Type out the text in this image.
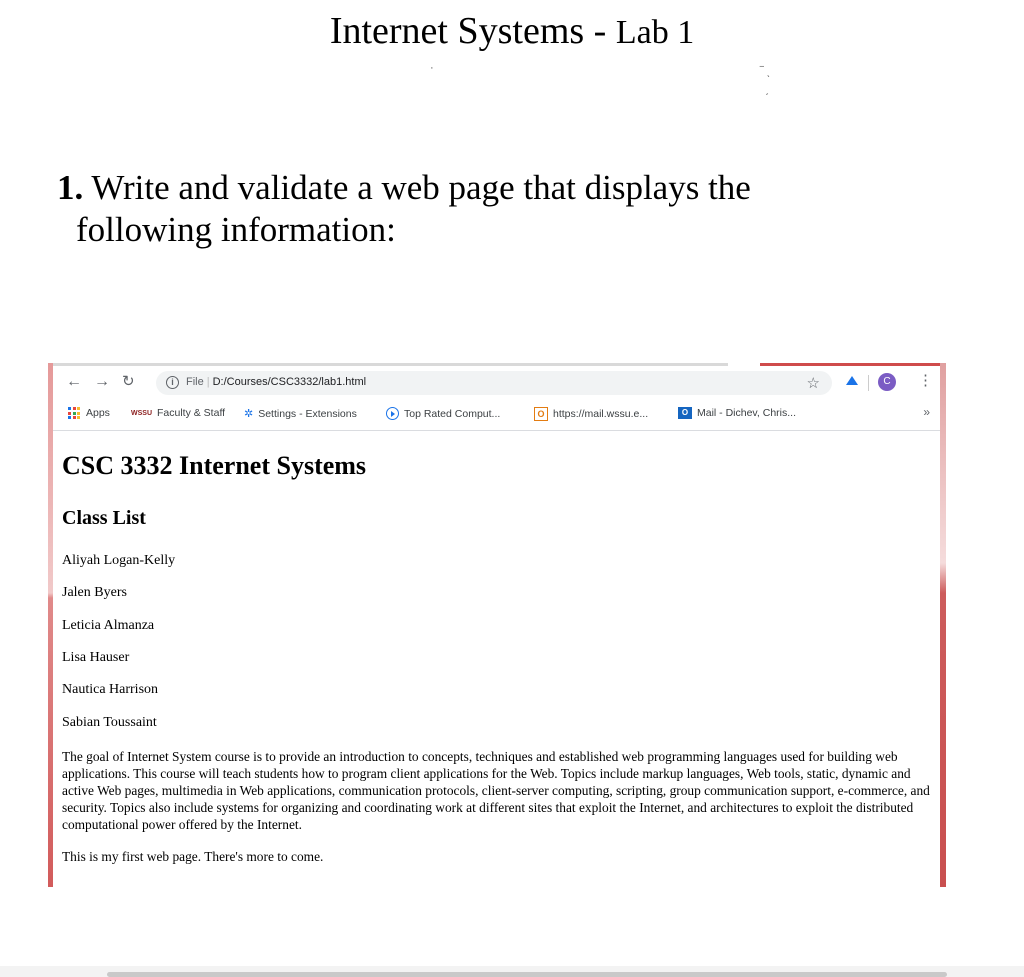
Internet Systems - Lab 1
·	‾ ˎ
ˏ
1. Write and validate a web page that displays the
following information:
← → ↻	i	File | D:/Courses/CSC3332/lab1.html	☆	C	⋮
Apps	WSSU Faculty & Staff ✲ Settings - Extensions	Top Rated Comput...	O https://mail.wssu.e...	O Mail - Dichev, Chris...	»
CSC 3332 Internet Systems
Class List

Aliyah Logan-Kelly

Jalen Byers

Leticia Almanza

Lisa Hauser

Nautica Harrison

Sabian Toussaint

The goal of Internet System course is to provide an introduction to concepts, techniques and established web programming languages used for building web applications. This course will teach students how to program client applications for the Web. Topics include markup languages, Web tools, static, dynamic and active Web pages, multimedia in Web applications, communication protocols, client-server computing, scripting, group communication support, e-commerce, and security. Topics also include systems for organizing and coordinating work at different sites that exploit the Internet, and architectures to exploit the distributed computational power offered by the Internet.

This is my first web page. There's more to come.
